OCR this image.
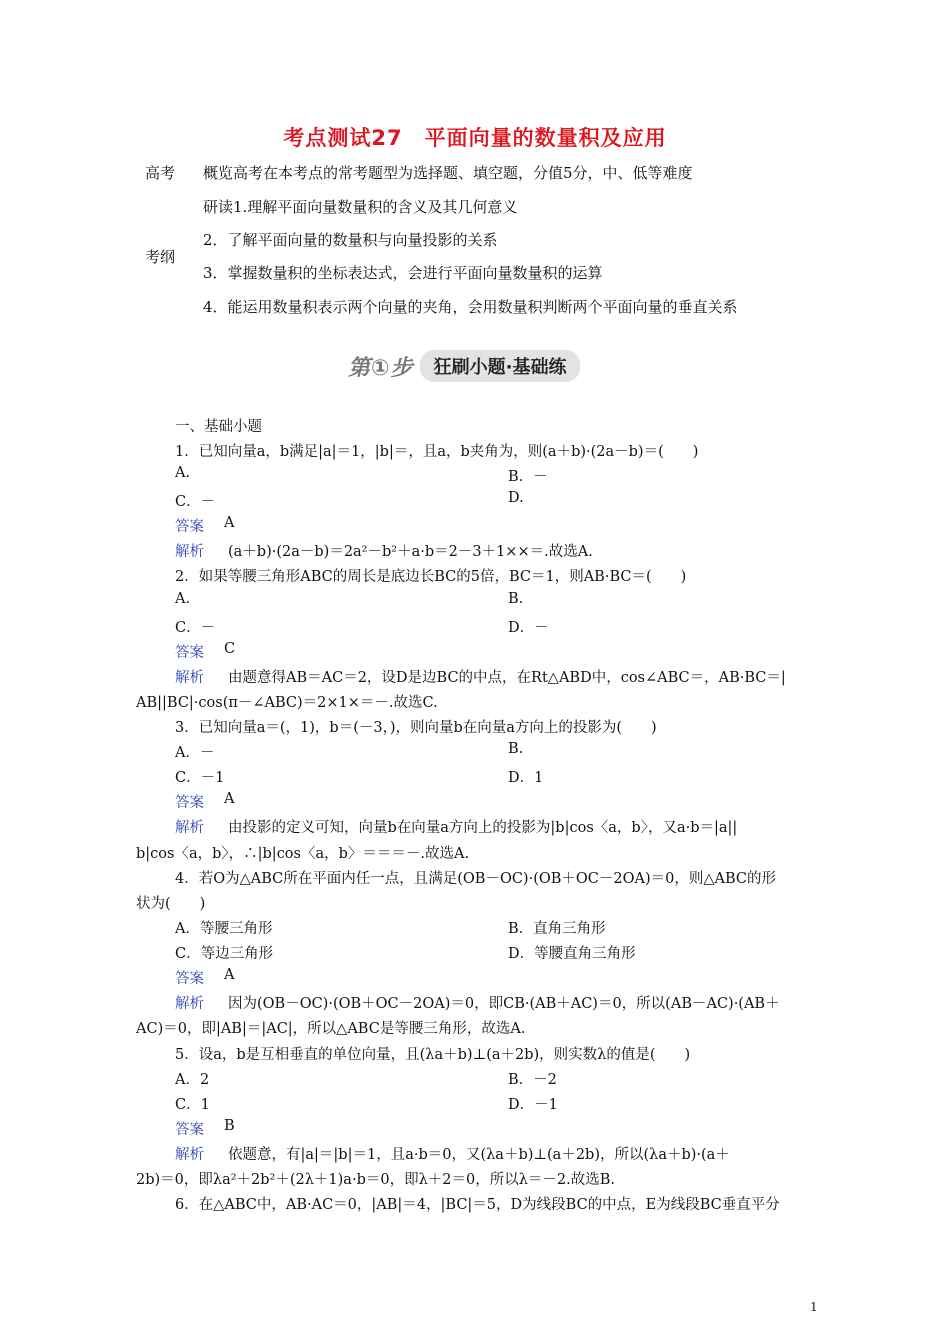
考点测试27　平面向量的数量积及应用
高考
考纲
概览高考在本考点的常考题型为选择题、填空题，分值5分，中、低等难度
研读1.理解平面向量数量积的含义及其几何意义
2．了解平面向量的数量积与向量投影的关系
3．掌握数量积的坐标表达式，会进行平面向量数量积的运算
4．能运用数量积表示两个向量的夹角，会用数量积判断两个平面向量的垂直关系
第①步	狂刷小题·基础练
一、基础小题
1．已知向量a，b满足|a|＝1，|b|＝，且a，b夹角为，则(a＋b)·(2a－b)＝(　　)
A.	B．－
C．－	D.
答案 A
解析 (a＋b)·(2a－b)＝2a²－b²＋a·b＝2－3＋1××＝.故选A.
2．如果等腰三角形ABC的周长是底边长BC的5倍，BC＝1，则AB·BC＝(　　)
A.	B.
C．－	D．－
答案 C
解析 由题意得AB＝AC＝2，设D是边BC的中点，在Rt△ABD中，cos∠ABC＝，AB·BC＝|
AB||BC|·cos(π－∠ABC)＝2×1×＝－.故选C.
3．已知向量a＝(，1)，b＝(－3，)，则向量b在向量a方向上的投影为(　　)
A．－	B.
C．－1	D．1
答案 A
解析 由投影的定义可知，向量b在向量a方向上的投影为|b|cos〈a，b〉，又a·b＝|a||
b|cos〈a，b〉，∴|b|cos〈a，b〉＝＝＝－.故选A.
4．若O为△ABC所在平面内任一点，且满足(OB－OC)·(OB＋OC－2OA)＝0，则△ABC的形
状为(　　)
A．等腰三角形	B．直角三角形
C．等边三角形	D．等腰直角三角形
答案 A
解析 因为(OB－OC)·(OB＋OC－2OA)＝0，即CB·(AB＋AC)＝0，所以(AB－AC)·(AB＋
AC)＝0，即|AB|＝|AC|，所以△ABC是等腰三角形，故选A.
5．设a，b是互相垂直的单位向量，且(λa＋b)⊥(a＋2b)，则实数λ的值是(　　)
A．2	B．－2
C．1	D．－1
答案 B
解析 依题意，有|a|＝|b|＝1，且a·b＝0，又(λa＋b)⊥(a＋2b)，所以(λa＋b)·(a＋
2b)＝0，即λa²＋2b²＋(2λ＋1)a·b＝0，即λ＋2＝0，所以λ＝－2.故选B.
6．在△ABC中，AB·AC＝0，|AB|＝4，|BC|＝5，D为线段BC的中点，E为线段BC垂直平分
1
